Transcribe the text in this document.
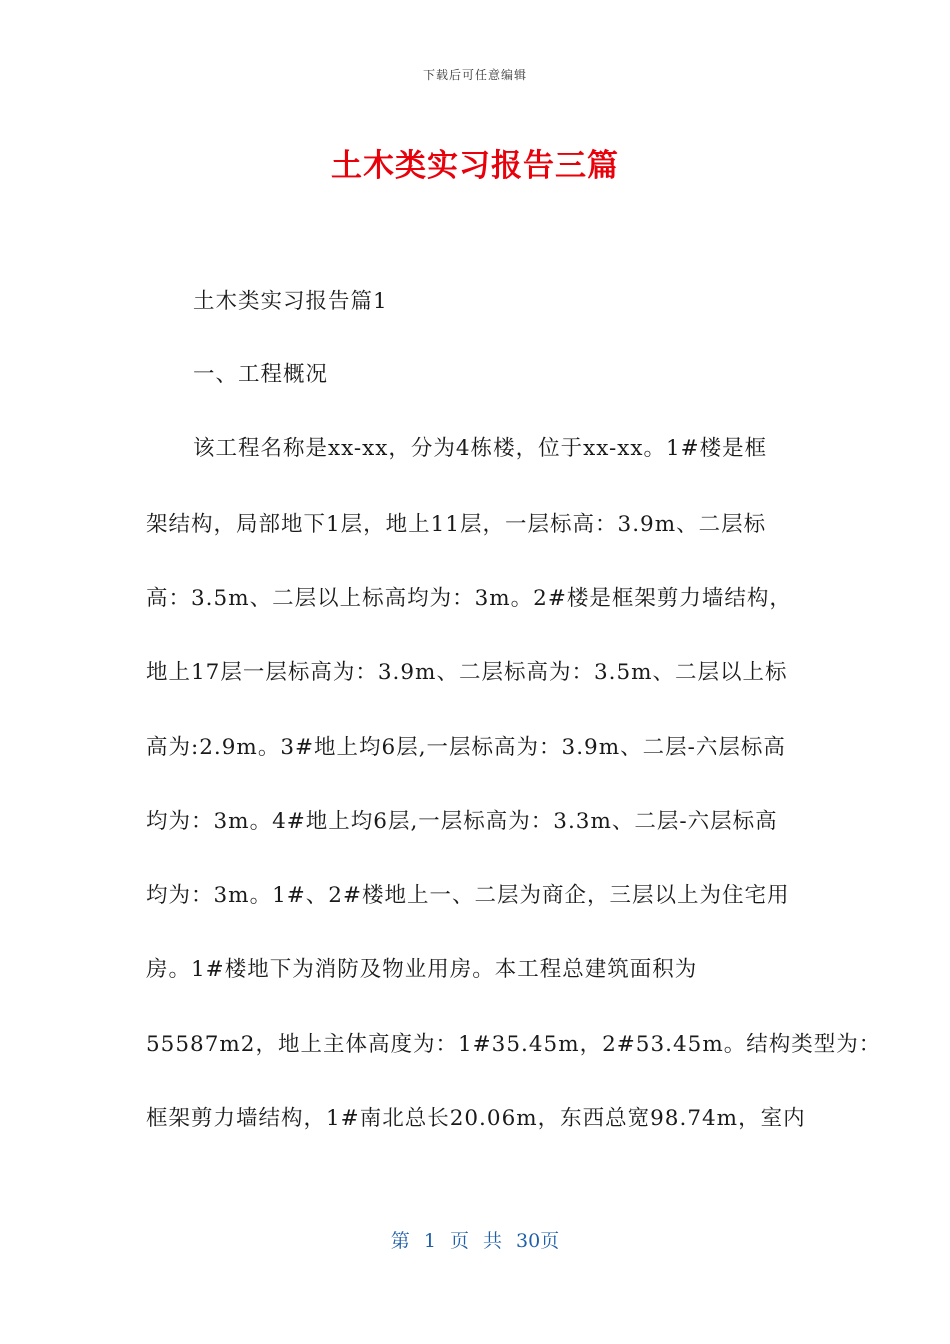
下载后可任意编辑
土木类实习报告三篇
土木类实习报告篇1
一、工程概况
该工程名称是xx-xx，分为4栋楼，位于xx-xx。1#楼是框
架结构，局部地下1层，地上11层，一层标高：3.9m、二层标
高：3.5m、二层以上标高均为：3m。2#楼是框架剪力墙结构，
地上17层一层标高为：3.9m、二层标高为：3.5m、二层以上标
高为:2.9m。3#地上均6层,一层标高为：3.9m、二层-六层标高
均为：3m。4#地上均6层,一层标高为：3.3m、二层-六层标高
均为：3m。1#、2#楼地上一、二层为商企，三层以上为住宅用
房。1#楼地下为消防及物业用房。本工程总建筑面积为
55587m2，地上主体高度为：1#35.45m，2#53.45m。结构类型为：
框架剪力墙结构，1#南北总长20.06m，东西总宽98.74m，室内
第 1 页 共 30页
